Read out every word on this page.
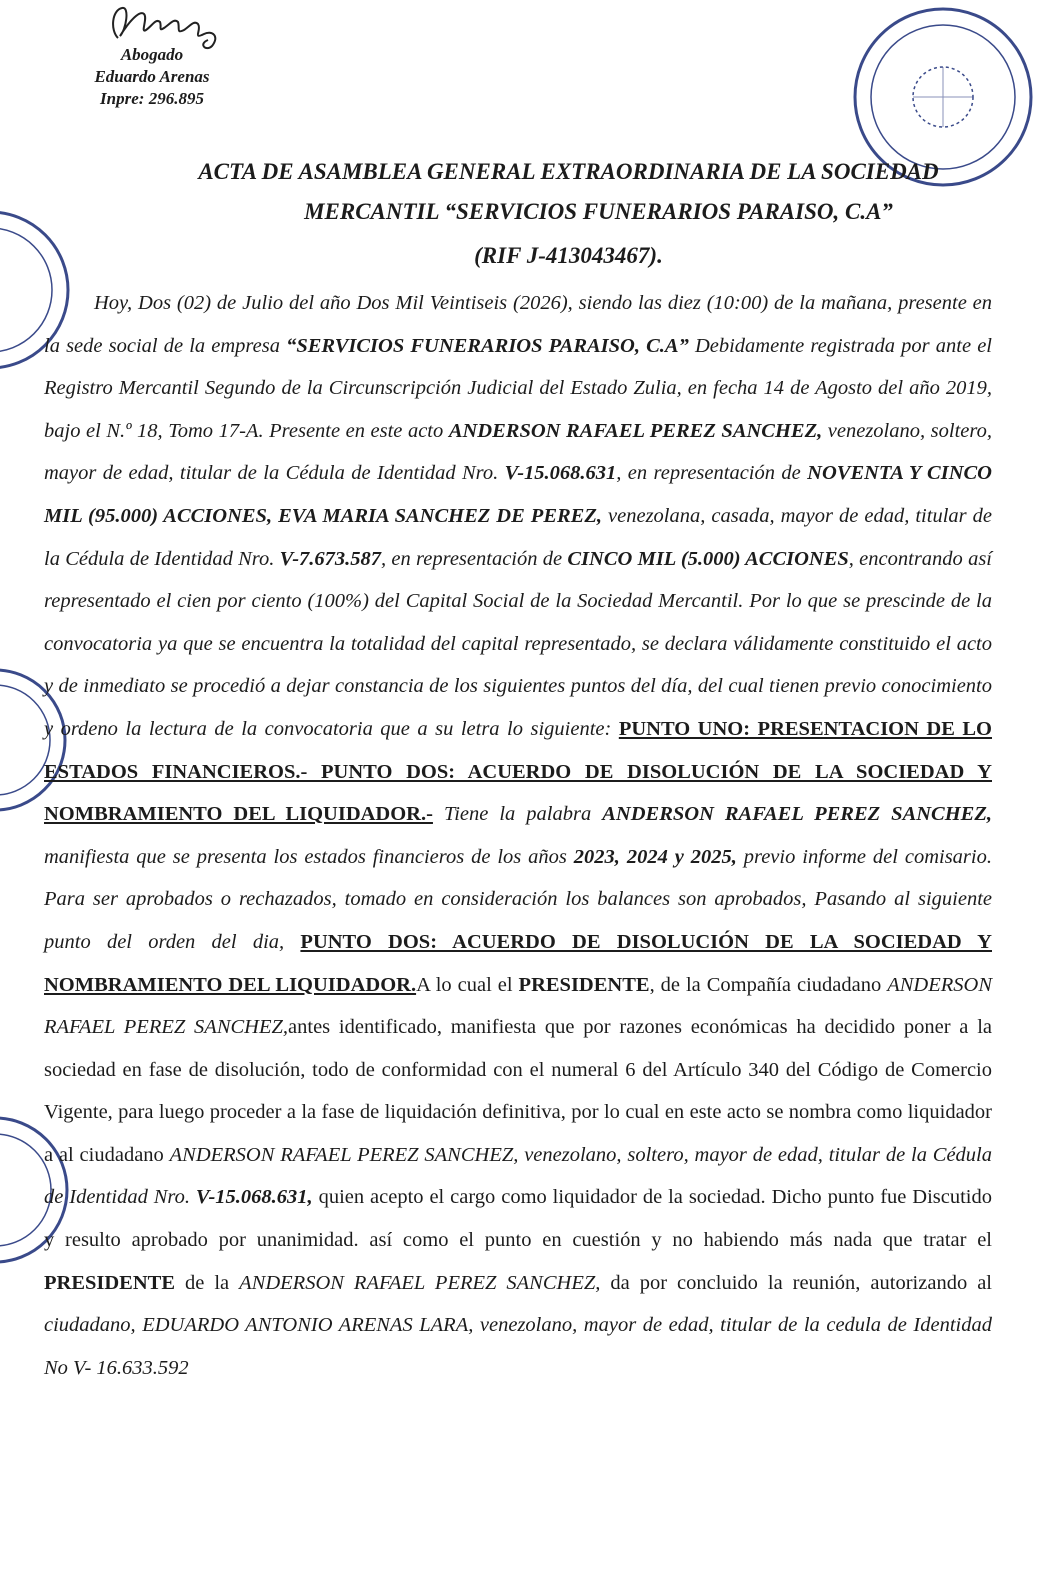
Abogado
Eduardo Arenas
Inpre: 296.895
ACTA DE ASAMBLEA GENERAL EXTRAORDINARIA DE LA SOCIEDAD
MERCANTIL “SERVICIOS FUNERARIOS PARAISO, C.A”
(RIF J-413043467).

Hoy, Dos (02) de Julio del año Dos Mil Veintiseis (2026), siendo las diez (10:00) de la mañana, presente en la sede social de la empresa “SERVICIOS FUNERARIOS PARAISO, C.A” Debidamente registrada por ante el Registro Mercantil Segundo de la Circunscripción Judicial del Estado Zulia, en fecha 14 de Agosto del año 2019, bajo el N.º 18, Tomo 17-A. Presente en este acto ANDERSON RAFAEL PEREZ SANCHEZ, venezolano, soltero, mayor de edad, titular de la Cédula de Identidad Nro. V-15.068.631, en representación de NOVENTA Y CINCO MIL (95.000) ACCIONES, EVA MARIA SANCHEZ DE PEREZ, venezolana, casada, mayor de edad, titular de la Cédula de Identidad Nro. V-7.673.587, en representación de CINCO MIL (5.000) ACCIONES, encontrando así representado el cien por ciento (100%) del Capital Social de la Sociedad Mercantil. Por lo que se prescinde de la convocatoria ya que se encuentra la totalidad del capital representado, se declara válidamente constituido el acto y de inmediato se procedió a dejar constancia de los siguientes puntos del día, del cual tienen previo conocimiento y ordeno la lectura de la convocatoria que a su letra lo siguiente: PUNTO UNO: PRESENTACION DE LO ESTADOS FINANCIEROS.- PUNTO DOS: ACUERDO DE DISOLUCIÓN DE LA SOCIEDAD Y NOMBRAMIENTO DEL LIQUIDADOR.- Tiene la palabra ANDERSON RAFAEL PEREZ SANCHEZ, manifiesta que se presenta los estados financieros de los años 2023, 2024 y 2025, previo informe del comisario. Para ser aprobados o rechazados, tomado en consideración los balances son aprobados, Pasando al siguiente punto del orden del dia, PUNTO DOS: ACUERDO DE DISOLUCIÓN DE LA SOCIEDAD Y NOMBRAMIENTO DEL LIQUIDADOR.A lo cual el PRESIDENTE, de la Compañía ciudadano ANDERSON RAFAEL PEREZ SANCHEZ,antes identificado, manifiesta que por razones económicas ha decidido poner a la sociedad en fase de disolución, todo de conformidad con el numeral 6 del Artículo 340 del Código de Comercio Vigente, para luego proceder a la fase de liquidación definitiva, por lo cual en este acto se nombra como liquidador a al ciudadano ANDERSON RAFAEL PEREZ SANCHEZ, venezolano, soltero, mayor de edad, titular de la Cédula de Identidad Nro. V-15.068.631, quien acepto el cargo como liquidador de la sociedad. Dicho punto fue Discutido y resulto aprobado por unanimidad. así como el punto en cuestión y no habiendo más nada que tratar el PRESIDENTE de la ANDERSON RAFAEL PEREZ SANCHEZ, da por concluido la reunión, autorizando al ciudadano, EDUARDO ANTONIO ARENAS LARA, venezolano, mayor de edad, titular de la cedula de Identidad No V- 16.633.592
